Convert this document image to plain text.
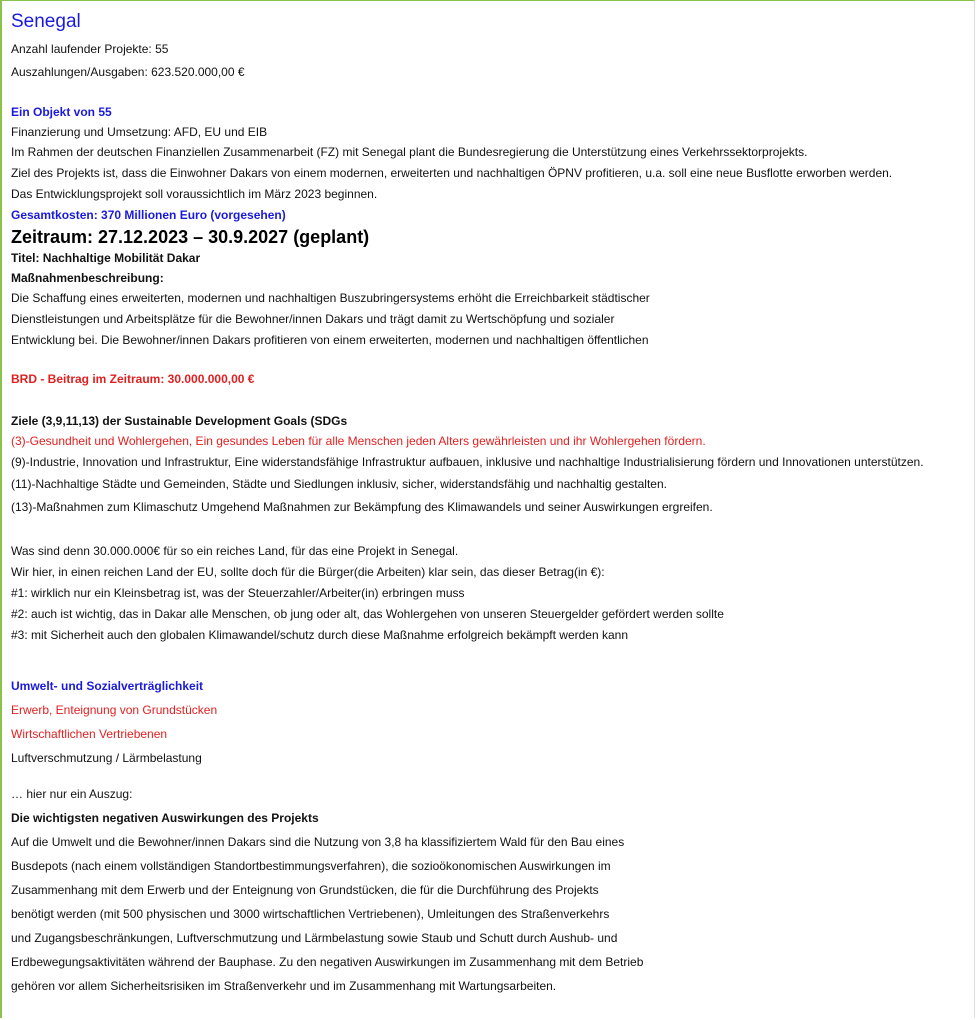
Senegal
Anzahl laufender Projekte: 55
Auszahlungen/Ausgaben: 623.520.000,00 €
Ein Objekt von 55
Finanzierung und Umsetzung: AFD, EU und EIB
Im Rahmen der deutschen Finanziellen Zusammenarbeit (FZ) mit Senegal plant die Bundesregierung die Unterstützung eines Verkehrssektorprojekts.
Ziel des Projekts ist, dass die Einwohner Dakars von einem modernen, erweiterten und nachhaltigen ÖPNV profitieren, u.a. soll eine neue Busflotte erworben werden.
Das Entwicklungsprojekt soll voraussichtlich im März 2023 beginnen.
Gesamtkosten: 370 Millionen Euro (vorgesehen)
Zeitraum: 27.12.2023 – 30.9.2027 (geplant)
Titel: Nachhaltige Mobilität Dakar
Maßnahmenbeschreibung:
Die Schaffung eines erweiterten, modernen und nachhaltigen Buszubringersystems erhöht die Erreichbarkeit städtischer
Dienstleistungen und Arbeitsplätze für die Bewohner/innen Dakars und trägt damit zu Wertschöpfung und sozialer
Entwicklung bei. Die Bewohner/innen Dakars profitieren von einem erweiterten, modernen und nachhaltigen öffentlichen
BRD - Beitrag im Zeitraum: 30.000.000,00 €
Ziele (3,9,11,13) der Sustainable Development Goals (SDGs
(3)-Gesundheit und Wohlergehen, Ein gesundes Leben für alle Menschen jeden Alters gewährleisten und ihr Wohlergehen fördern.
(9)-Industrie, Innovation und Infrastruktur, Eine widerstandsfähige Infrastruktur aufbauen, inklusive und nachhaltige Industrialisierung fördern und Innovationen unterstützen.
(11)-Nachhaltige Städte und Gemeinden, Städte und Siedlungen inklusiv, sicher, widerstandsfähig und nachhaltig gestalten.
(13)-Maßnahmen zum Klimaschutz Umgehend Maßnahmen zur Bekämpfung des Klimawandels und seiner Auswirkungen ergreifen.
Was sind denn 30.000.000€ für so ein reiches Land, für das eine Projekt in Senegal.
Wir hier, in einen reichen Land der EU, sollte doch für die Bürger(die Arbeiten) klar sein, das dieser Betrag(in €):
#1: wirklich nur ein Kleinsbetrag ist, was der Steuerzahler/Arbeiter(in) erbringen muss
#2: auch ist wichtig, das in Dakar alle Menschen, ob jung oder alt, das Wohlergehen von unseren Steuergelder gefördert werden sollte
#3: mit Sicherheit auch den globalen Klimawandel/schutz durch diese Maßnahme erfolgreich bekämpft werden kann
Umwelt- und Sozialverträglichkeit
Erwerb, Enteignung von Grundstücken
Wirtschaftlichen Vertriebenen
Luftverschmutzung / Lärmbelastung
… hier nur ein Auszug:
Die wichtigsten negativen Auswirkungen des Projekts
Auf die Umwelt und die Bewohner/innen Dakars sind die Nutzung von 3,8 ha klassifiziertem Wald für den Bau eines
Busdepots (nach einem vollständigen Standortbestimmungsverfahren), die sozioökonomischen Auswirkungen im
Zusammenhang mit dem Erwerb und der Enteignung von Grundstücken, die für die Durchführung des Projekts
benötigt werden (mit 500 physischen und 3000 wirtschaftlichen Vertriebenen), Umleitungen des Straßenverkehrs
und Zugangsbeschränkungen, Luftverschmutzung und Lärmbelastung sowie Staub und Schutt durch Aushub- und
Erdbewegungsaktivitäten während der Bauphase. Zu den negativen Auswirkungen im Zusammenhang mit dem Betrieb
gehören vor allem Sicherheitsrisiken im Straßenverkehr und im Zusammenhang mit Wartungsarbeiten.
